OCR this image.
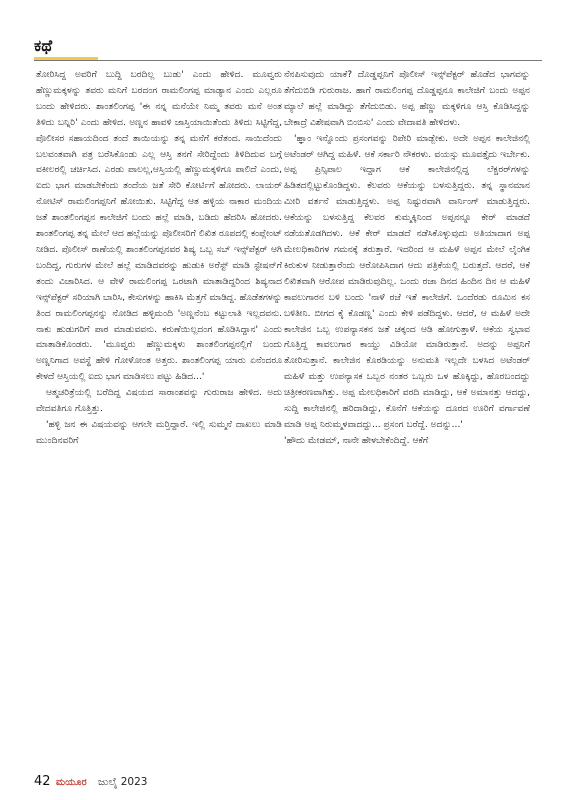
ಕಥೆ

ತೋರಿಸಿದ್ದ ಅವರಿಗೆ ಬುದ್ದಿ ಬರದಿಲ್ಲ ಬುಡು' ಎಂದು ಹೇಳಿದ. ಮೂವ್ವರು ಹೆಣ್ಣುಮಕ್ಕಳನ್ನು ತವರು ಮನಿಗೆ ಬರದಂಗ ರಾಮಲಿಂಗಪ್ಪ ಮಾಡ್ಯಾನ ಎಂದು ಎಲ್ಲರೂ ಬಂದು ಹೇಳಿದರು. ಶಾಂತಲಿಂಗಪ್ಪ 'ಈ ನನ್ನ ಮನೆಯೇ ನಿಮ್ಮ ತವರು ಮನೆ ಅಂತ ತಿಳಿದು ಬನ್ನಿರಿ' ಎಂದು ಹೇಳಿದ. ಅಣ್ಣನ ಹಾವಳಿ ಜಾಸ್ತಿಯಾಯಿತೆಂದು ತಿಳಿದು ಸಿಟ್ಟಿಗೆದ್ದ, ಪೊಲೀಸರ ಸಹಾಯದಿಂದ ತಂದೆ ತಾಯಿಯನ್ನು ತನ್ನ ಮನೆಗೆ ಕರೆತಂದ. ಸಾಯಿದೆಂದು ಬಲವಂತವಾಗಿ ಪತ್ರ ಬರೆಸಿಕೊಂಡು ಎಲ್ಲ ಆಸ್ತಿ ತನಗೆ ಸೇರಿದ್ದೆಂದು ತಿಳಿದಿದುವ ಬಗ್ಗೆ ವಕೀಲರಲ್ಲಿ ಚರ್ಚಿಸಿದ. ಎರಡು ಪಾಲಲ್ಲ,ಆಸ್ತಿಯಲ್ಲಿ ಹೆಣ್ಣುಮಕ್ಕಳಿಗೂ ಪಾಲಿದೆ ಎಂದು, ಐದು ಭಾಗ ಮಾಡಬೇಕೆಂದು ತಂದೆಯ ಜತೆ ಸೇರಿ ಕೋರ್ಟಿಗೆ ಹೋದರು. ಲಾಯರ್ ನೋಟಿಸ್ ರಾಮಲಿಂಗಪ್ಪನಿಗೆ ಹೋಯಿತು. ಸಿಟ್ಟಿಗೆದ್ದ ಆತ ಹಳ್ಳಿಯ ನಾಕಾರ ಮಂದಿಯ ಜತೆ ಶಾಂತಲಿಂಗಪ್ಪನ ಕಾಲೇಜಿಗೆ ಬಂದು ಹಲ್ಲೆ ಮಾಡಿ, ಬಡಿದು ಹೆದರಿಸಿ ಹೋದರು. ಶಾಂತಲಿಂಗಪ್ಪ ತನ್ನ ಮೇಲೆ ಆದ ಹಲ್ಲೆಯನ್ನು ಪೊಲೀಸರಿಗೆ ಲಿಖಿತ ರೂಪದಲ್ಲಿ ಕಂಪ್ಲೇಂಟ್ ನೀಡಿದ. ಪೊಲೀಸ್ ಠಾಣೆಯಲ್ಲಿ ಶಾಂತಲಿಂಗಪ್ಪನವರ ಶಿಷ್ಯ ಒಬ್ಬ ಸಬ್ ಇನ್ಸ್‌ಪೆಕ್ಟರ್ ಆಗಿ ಬಂದಿದ್ದ, ಗುರುಗಳ ಮೇಲೆ ಹಲ್ಲೆ ಮಾಡಿದವರನ್ನು ಹುಡುಕಿ ಅರೆಸ್ಟ್ ಮಾಡಿ ಸ್ಟೇಷನ್‌ಗೆ ತಂದು ವಿಚಾರಿಸಿದ. ಆ ವೇಳೆ ರಾಮಲಿಂಗಪ್ಪ ಒರಟಾಗಿ ಮಾತಾಡಿದ್ದರಿಂದ ಶಿಷ್ಯನಾದ ಇನ್ಸ್‌ಪೆಕ್ಟರ್ ಸರಿಯಾಗಿ ಬಾರಿಸಿ, ಕೇಸುಗಳನ್ನು ಹಾಕಿಸಿ ಮೆತ್ತಗೆ ಮಾಡಿದ್ದ. ಹೊಡೆತಗಳನ್ನು ತಿಂದ ರಾಮಲಿಂಗಪ್ಪನನ್ನು ನೋಡಿದ ಹಳ್ಳಿಮಂದಿ 'ಅಣ್ಣನೆಂಬ ಕಟ್ಟುಲಾತಿ ಇಲ್ಲದವನು. ನಾಕು ಹುಡುಗರಿಗೆ ಪಾಠ ಮಾಡುವವನು. ಕರುಣೆಯಿಲ್ಲದಂಗ ಹೊಡಿಸಿದ್ದಾನ' ಎಂದು ಮಾತಾಡಿಕೊಂಡರು. 'ಮೂವ್ವರು ಹೆಣ್ಣುಮಕ್ಕಳು ಶಾಂತಲಿಂಗಪ್ಪನಲ್ಲಿಗೆ ಬಂದು ಅಣ್ಣನಿಗಾದ ಅವಸ್ಥೆ ಹೇಳಿ ಗೋಳೋಂತ ಅತ್ತರು. ಶಾಂತಲಿಂಗಪ್ಪ ಯಾರು ಏನೆಂದರೂ ಕೇಳದೆ ಆಸ್ತಿಯಲ್ಲಿ ಐದು ಭಾಗ ಮಾಡಿಸಲು ಪಟ್ಟು ಹಿಡಿದ...'

ಆತ್ಮಚರಿತ್ರೆಯಲ್ಲಿ ಬರೆದಿದ್ದ ವಿಷಯದ ಸಾರಾಂಶವನ್ನು ಗುರುರಾಜ ಹೇಳಿದ. ಅದು ವೇದವತಿಗೂ ಗೊತ್ತಿತ್ತು.

'ಹಳ್ಳಿ ಜನ ಈ ವಿಷಯವನ್ನು ಆಗಲೇ ಮರ್‍ತಿದ್ದಾರೆ. ಇಲ್ಲಿ ಸುಮ್ಮನೆ ದಾಖಲು ಮಾಡಿ ಮುಂದಿನವರಿಗೆ

ನೆನಪಿಸುವುದು ಯಾಕೆ? ದೊಡ್ಡಪ್ಪನಿಗೆ ಪೊಲೀಸ್ ಇನ್ಸ್‌ಪೆಕ್ಟರ್ ಹೊಡೆದ ಭಾಗವನ್ನು ತೆಗೆದುಬಿಡಿ ಗುರುರಾಜ. ಹಾಗೆ ರಾಮಲಿಂಗಪ್ಪ ದೊಡ್ಡಪ್ಪನೂ ಕಾಲೇಜಿಗೆ ಬಂದು ಅಪ್ಪನ ಮ್ಯಾಲೆ ಹಲ್ಲೆ ಮಾಡಿದ್ದು ತೆಗೆದುಬಿಡು. ಅಪ್ಪ ಹೆಣ್ಣು ಮಕ್ಕಳಿಗೂ ಆಸ್ತಿ ಕೊಡಿಸಿದ್ದನ್ನು ಬೇಕಾದ್ರೆ ವಿಶೇಷವಾಗಿ ಬಿಂಬಿಸು' ಎಂದು ವೇದಾವತಿ ಹೇಳಿದಳು.

'ಹ್ಞಾಂ ಇನ್ನೊಂದು ಪ್ರಸಂಗವನ್ನು ರಿಪೇರಿ ಮಾಡ್ಬೇಕು. ಅದೇ ಅಪ್ಪನ ಕಾಲೇಜಿನಲ್ಲಿ ಅಟೆಂಡರ್ ಆಗಿದ್ದ ಮಹಿಳೆ. ಆಕೆ ಸರ್ಕಾರಿ ನೌಕರಳು. ವಯಸ್ಸು ಮೂವತ್ತೈದು ಇರ್ಬೇಕು. ಅಪ್ಪ ಪ್ರಿನ್ಸಿಪಾಲ ಇದ್ದಾಗ ಆಕೆ ಕಾಲೇಜಿನಲ್ಲಿದ್ದ ಲೆಕ್ಚರರ್‌ಗಳನ್ನು ಹಿಡಿತದಲ್ಲಿಟ್ಟುಕೊಂಡಿದ್ದಳು. ಕೆಲವರು ಆಕೆಯನ್ನು ಬಳಸುತ್ತಿದ್ದರು. ತನ್ನ ಸ್ಥಾನಮಾನ ಮೀರಿ ವರ್ತನೆ ಮಾಡುತ್ತಿದ್ದಳು. ಅಪ್ಪ ನಿಷ್ಟುರವಾಗಿ ವಾರ್ನಿಂಗ್ ಮಾಡುತ್ತಿದ್ದರು. ಆಕೆಯನ್ನು ಬಳಸುತ್ತಿದ್ದ ಕೆಲವರ ಕುಮ್ಮಕ್ಕಿನಿಂದ ಅಪ್ಪನನ್ನೂ ಕೇರ್ ಮಾಡದೆ ನಡೆಯತೊಡಗಿದಳು. ಆಕೆ ಕೇರ್ ಮಾಡದೆ ನಡೆಸಿಕೊಳ್ಳುವುದು ಅತಿಯಾದಾಗ ಅಪ್ಪ ಮೇಲಧಿಕಾರಿಗಳ ಗಮನಕ್ಕೆ ತರುತ್ತಾರೆ. ಇದರಿಂದ ಆ ಮಹಿಳೆ ಅಪ್ಪನ ಮೇಲೆ ಲೈಂಗಿಕ ಕಿರುಕುಳ ನೀಡುತ್ತಾರೆಂದು ಆರೋಪಿಸಿದಾಗ ಆದು ಪತ್ರಿಕೆಯಲ್ಲಿ ಬರುತ್ತದೆ. ಆದರೆ, ಆಕೆ ಲಿಖಿತವಾಗಿ ಆರೋಪ ಮಾಡಿರುವುದಿಲ್ಲ. ಒಂದು ರಜಾ ದಿನದ ಹಿಂದಿನ ದಿನ ಆ ಮಹಿಳೆ ಕಾವಲುಗಾರನ ಬಳಿ ಬಂದು 'ನಾಳೆ ರಜೆ ಇತೆ ಕಾಲೇಜಿಗೆ. ಒಂದೆರಡು ರೂಮಿನ ಕಸ ಬಳಿತೀನಿ. ಬೀಗದ ಕೈ ಕೊಡಣ್ಣ' ಎಂದು ಕೇಳಿ ಪಡೆದಿದ್ದಳು. ಆದರೆ, ಆ ಮಹಿಳೆ ಅದೇ ಕಾಲೇಜಿನ ಒಬ್ಬ ಉಪನ್ಯಾಸಕನ ಜತೆ ಚಕ್ಕಂದ ಆಡಿ ಹೋಗುತ್ತಾಳೆ. ಆಕೆಯ ಸ್ವಭಾವ ಗೊತ್ತಿದ್ದ ಕಾವಲುಗಾರ ಕಾಯ್ದು ವಿಡಿಯೋ ಮಾಡಿರುತ್ತಾನೆ. ಅದನ್ನು ಅಪ್ಪನಿಗೆ ತೋರಿಸುತ್ತಾನೆ. ಕಾಲೇಜಿನ ಕೊಠಡಿಯನ್ನು ಅನುಮತಿ ಇಲ್ಲದೇ ಬಳಸಿದ ಅಟೆಂಡರ್ ಮಹಿಳೆ ಮತ್ತು ಉಪನ್ಯಾಸಕ ಒಬ್ಬರ ನಂತರ ಒಬ್ಬರು ಒಳ ಹೊಕ್ಕಿದ್ದು, ಹೊರಬಂದದ್ದು ಚಿತ್ರೀಕರಣವಾಗಿತ್ತು. ಅಪ್ಪ ಮೇಲಧಿಕಾರಿಗೆ ವರದಿ ಮಾಡಿದ್ದು, ಆಕೆ ಅಮಾನತ್ತು ಆದದ್ದು, ಸುದ್ದಿ ಕಾಲೇಜಿನಲ್ಲಿ ಹರಿದಾಡಿದ್ದು, ಕೊನೆಗೆ ಆಕೆಯನ್ನು ದೂರದ ಊರಿಗೆ ವರ್ಗಾವಣೆ ಮಾಡಿ ಅಪ್ಪ ನಿರುಮ್ಮಳವಾದದ್ದು... ಪ್ರಸಂಗ ಬರೆದ್ದೆ. ಅದನ್ನು...'

'ಹೌದು ಮೇಡಮ್, ನಾನೇ ಹೇಳಬೇಕೆಂದಿದ್ದೆ. ಆಕೆಗೆ

42 ಮಯೂರ ಜುಲೈ 2023
